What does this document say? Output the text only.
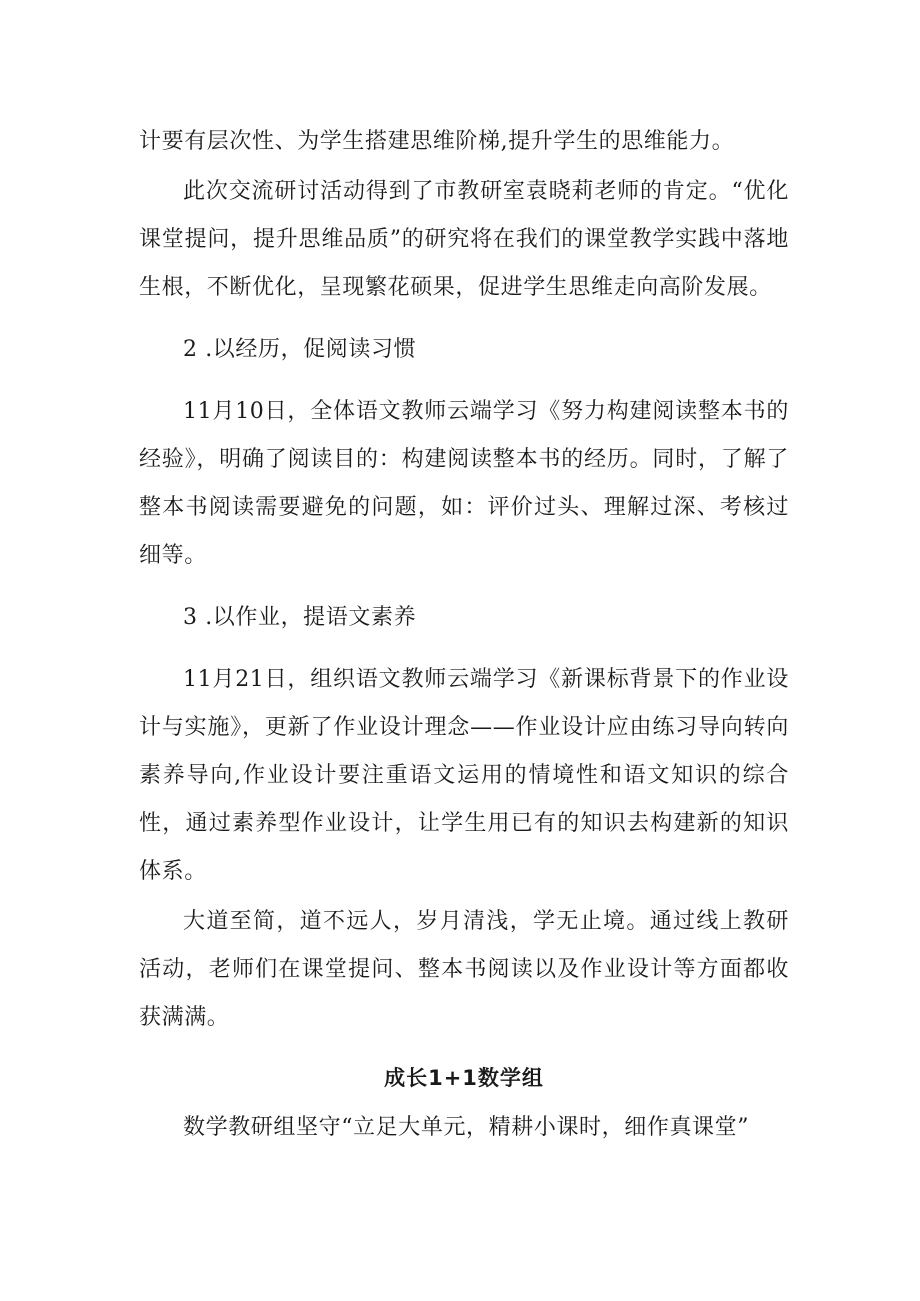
计要有层次性、为学生搭建思维阶梯,提升学生的思维能力。

此次交流研讨活动得到了市教研室袁晓莉老师的肯定。“优化课堂提问，提升思维品质”的研究将在我们的课堂教学实践中落地生根，不断优化，呈现繁花硕果，促进学生思维走向高阶发展。

2 .以经历，促阅读习惯

11月10日，全体语文教师云端学习《努力构建阅读整本书的经验》，明确了阅读目的：构建阅读整本书的经历。同时，了解了整本书阅读需要避免的问题，如：评价过头、理解过深、考核过细等。

3 .以作业，提语文素养

11月21日，组织语文教师云端学习《新课标背景下的作业设计与实施》，更新了作业设计理念——作业设计应由练习导向转向素养导向,作业设计要注重语文运用的情境性和语文知识的综合性，通过素养型作业设计，让学生用已有的知识去构建新的知识体系。

大道至简，道不远人，岁月清浅，学无止境。通过线上教研活动，老师们在课堂提问、整本书阅读以及作业设计等方面都收获满满。

成长1+1数学组

数学教研组坚守“立足大单元，精耕小课时，细作真课堂”
